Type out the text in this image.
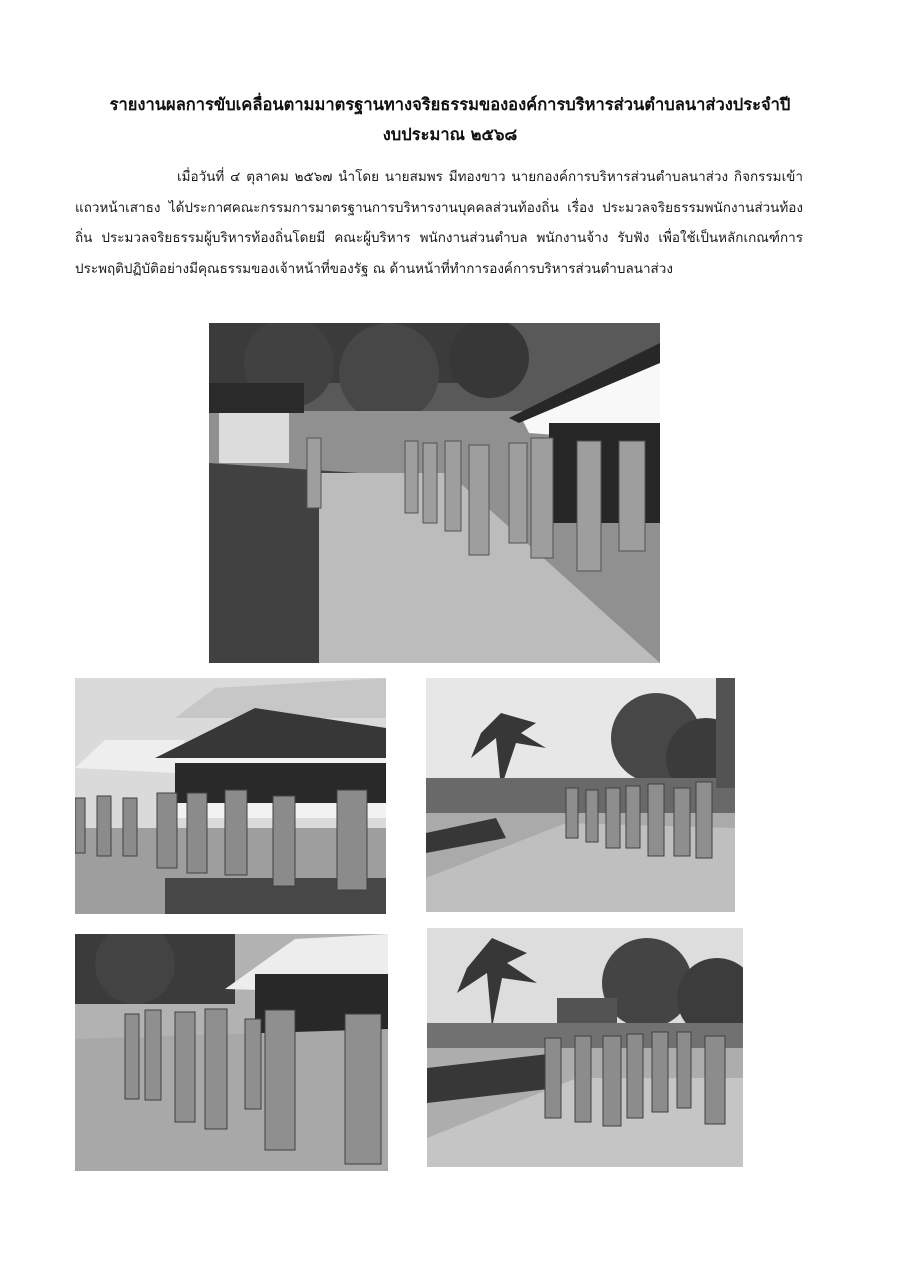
รายงานผลการขับเคลื่อนตามมาตรฐานทางจริยธรรมขององค์การบริหารส่วนตำบลนาส่วงประจำปี
งบประมาณ ๒๕๖๘

เมื่อวันที่ ๔ ตุลาคม ๒๕๖๗ นำโดย นายสมพร มีทองขาว นายกองค์การบริหารส่วนตำบลนาส่วง กิจกรรมเข้าแถวหน้าเสาธง ได้ประกาศคณะกรรมการมาตรฐานการบริหารงานบุคคลส่วนท้องถิ่น เรื่อง ประมวลจริยธรรมพนักงานส่วนท้องถิ่น ประมวลจริยธรรมผู้บริหารท้องถิ่นโดยมี คณะผู้บริหาร พนักงานส่วนตำบล พนักงานจ้าง รับฟัง เพื่อใช้เป็นหลักเกณฑ์การประพฤติปฏิบัติอย่างมีคุณธรรมของเจ้าหน้าที่ของรัฐ ณ ด้านหน้าที่ทำการองค์การบริหารส่วนตำบลนาส่วง
